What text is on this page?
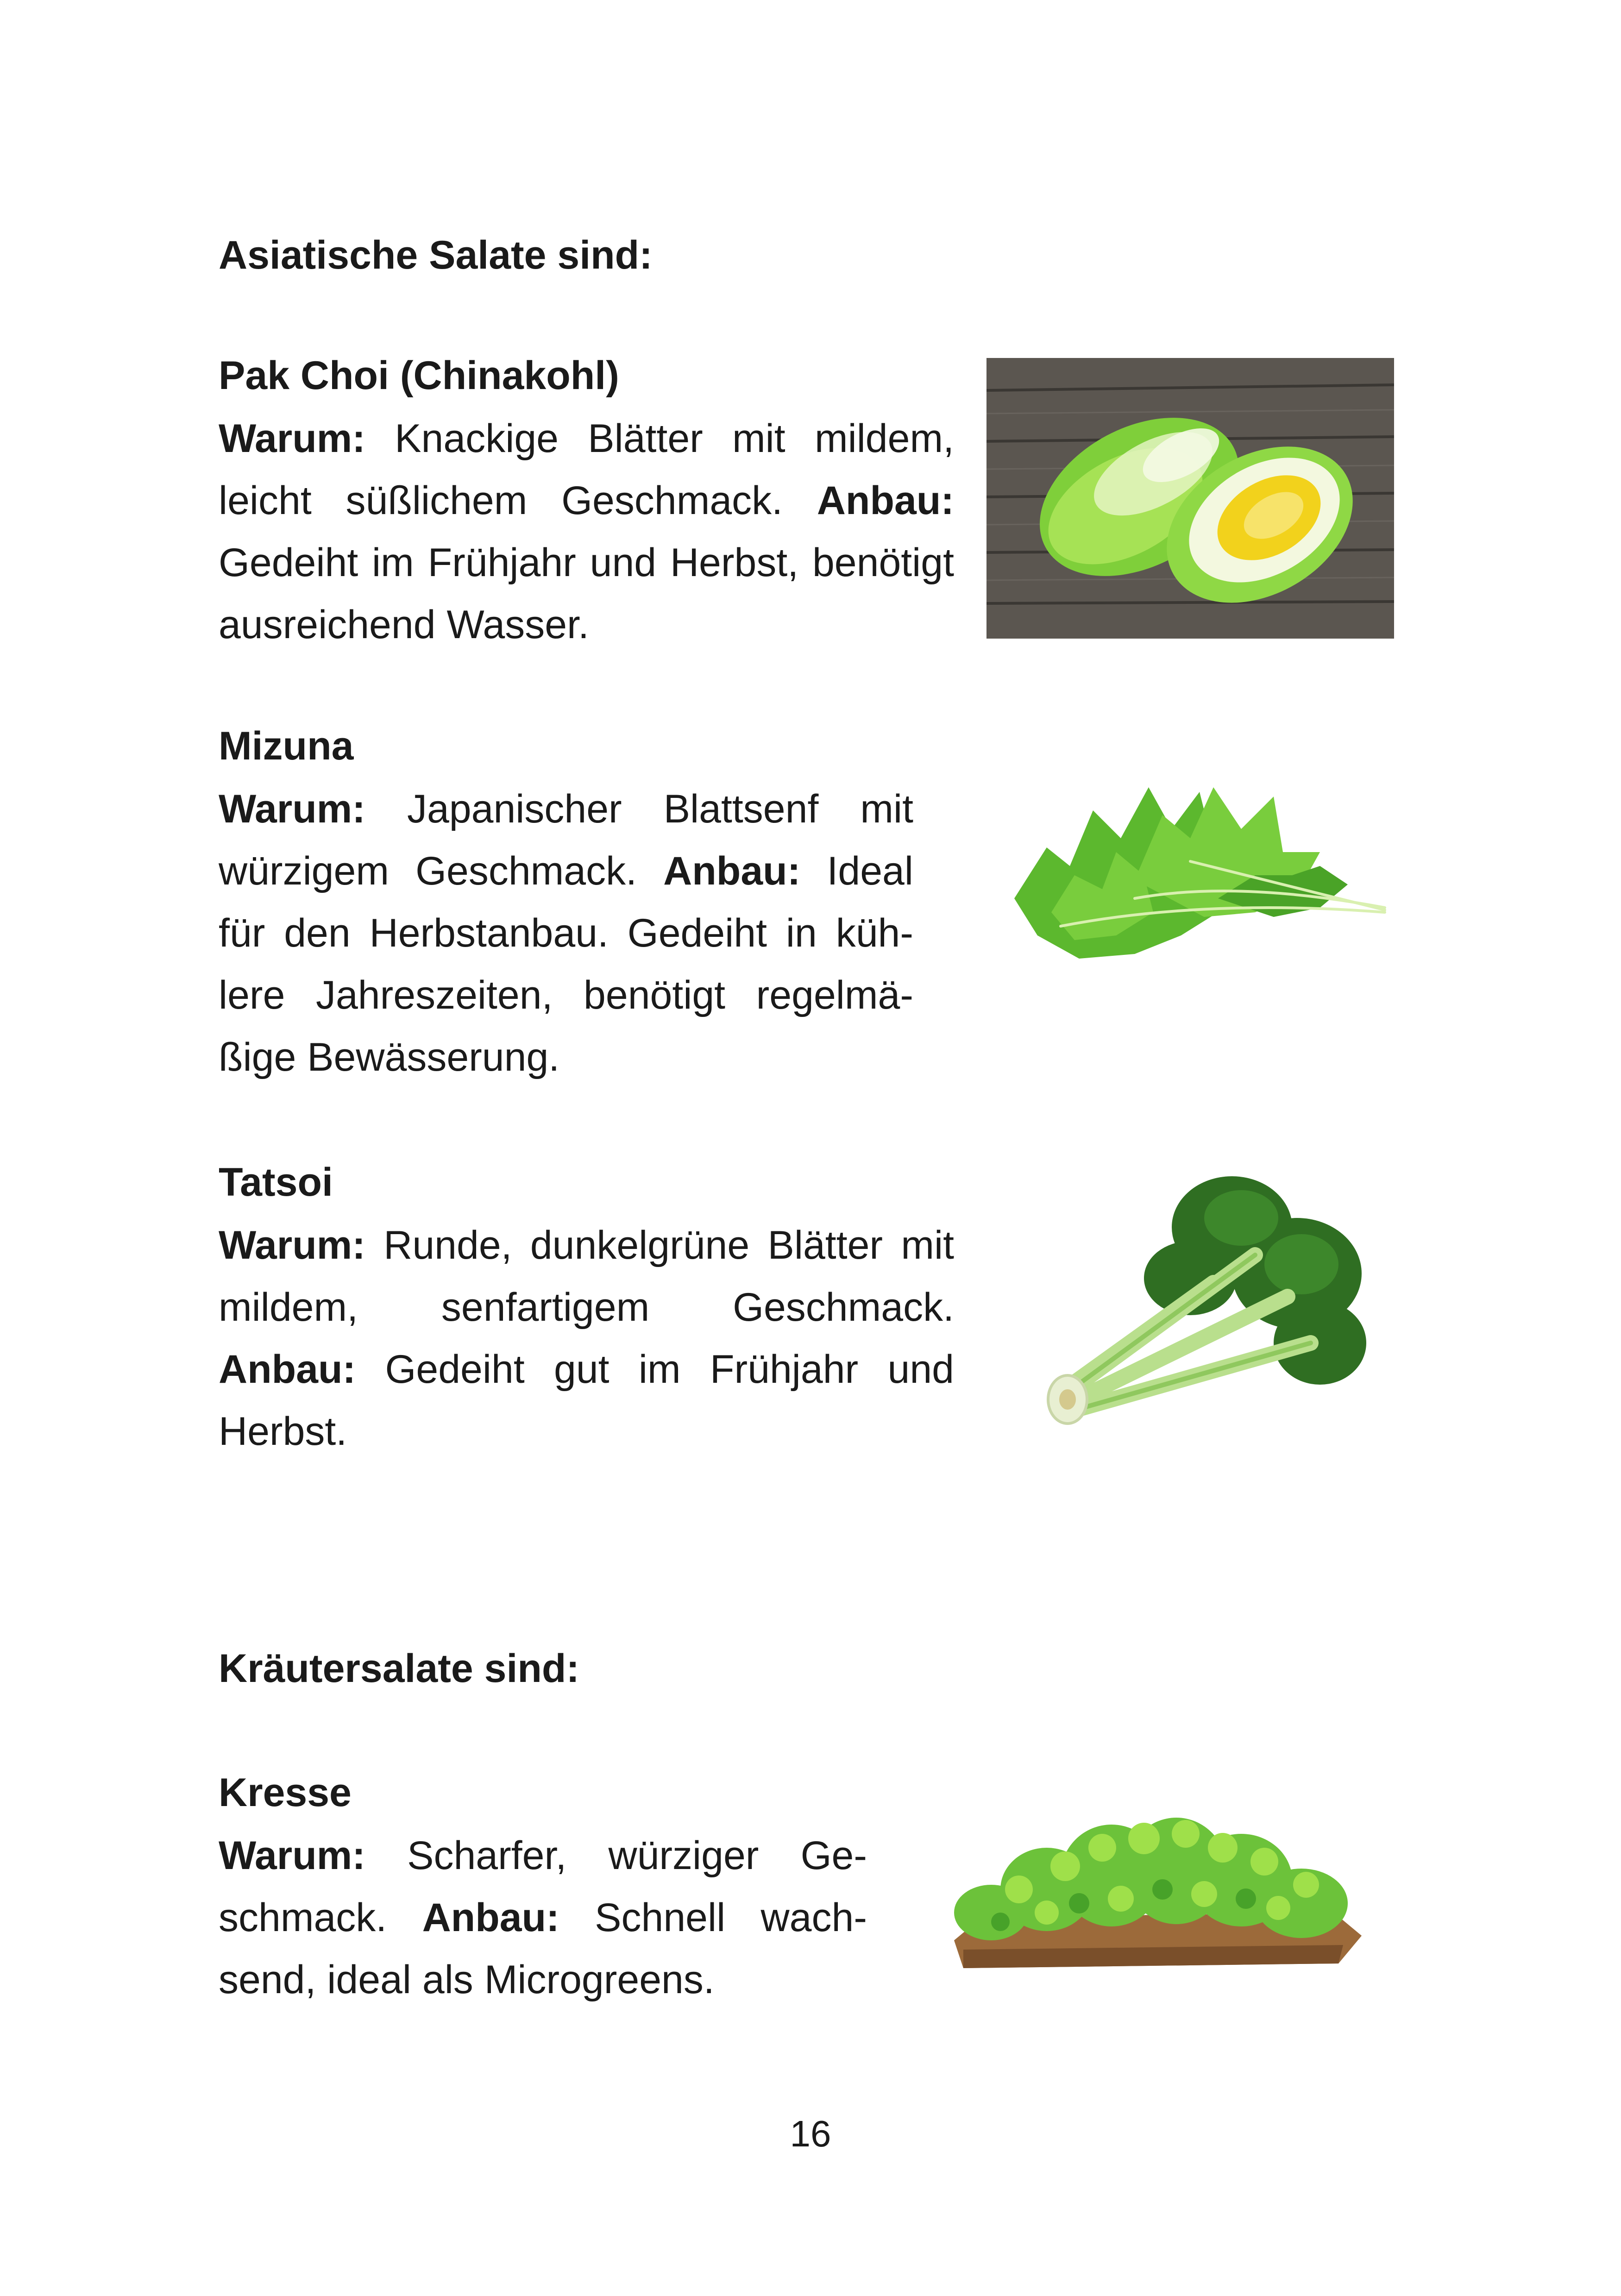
Asiatische Salate sind:
Pak Choi (Chinakohl)

Warum: Knackige Blätter mit mildem, leicht süßlichem Geschmack. Anbau: Gedeiht im Frühjahr und Herbst, benötigt ausreichend Wasser.

Mizuna

Warum: Japanischer Blattsenf mit würzigem Geschmack. Anbau: Ideal für den Herbstanbau. Gedeiht in kühlere Jahreszeiten, benötigt regelmäßige Bewässerung.

Tatsoi

Warum: Runde, dunkelgrüne Blätter mit mildem, senfartigem Geschmack. Anbau: Gedeiht gut im Frühjahr und Herbst.

Kräutersalate sind:
Kresse

Warum: Scharfer, würziger Geschmack. Anbau: Schnell wachsend, ideal als Microgreens.

16
